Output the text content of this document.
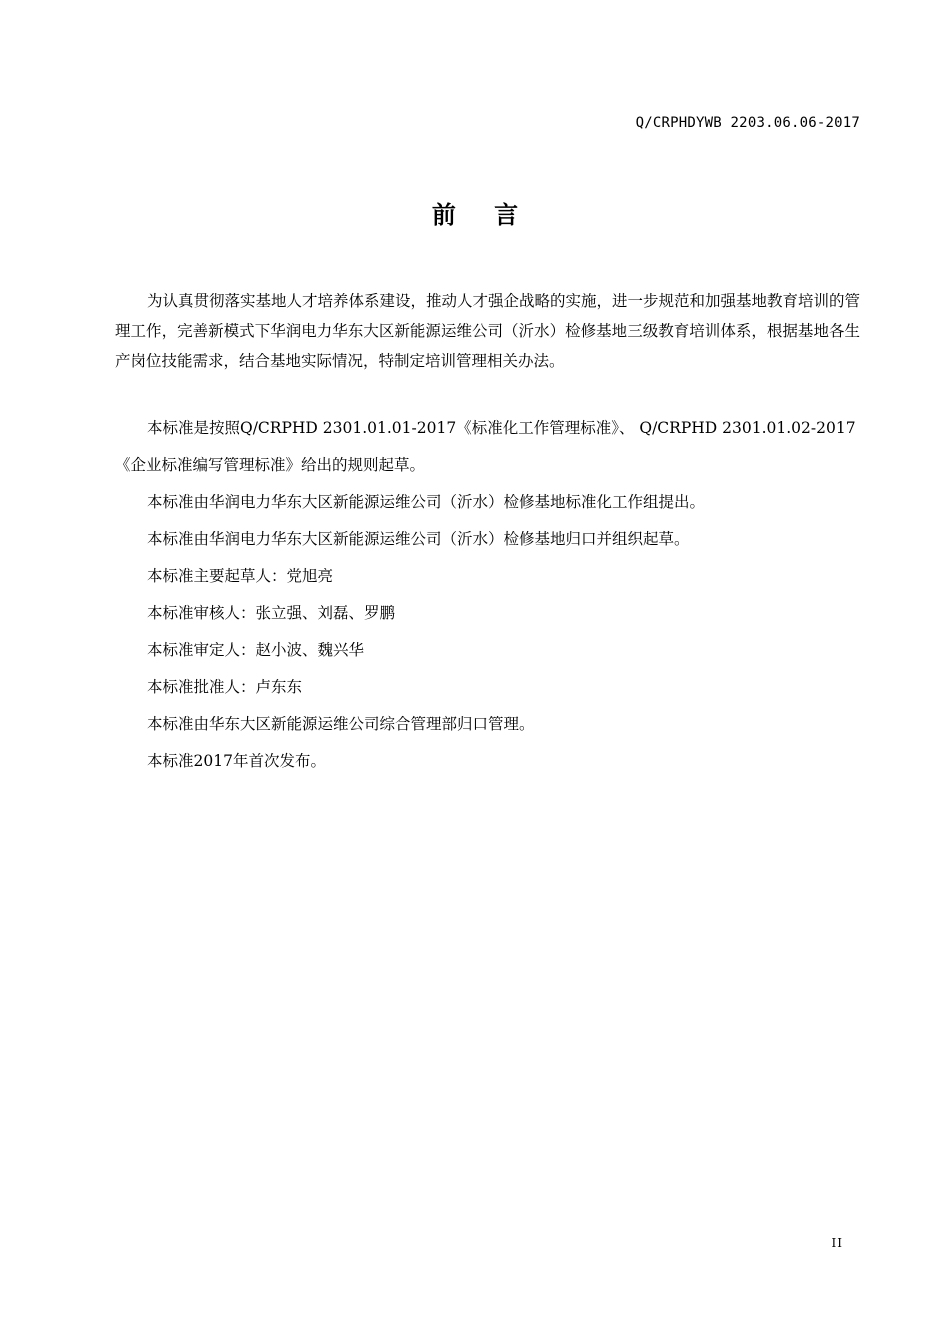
Q/CRPHDYWB 2203.06.06-2017
前 言

为认真贯彻落实基地人才培养体系建设，推动人才强企战略的实施，进一步规范和加强基地教育培训的管理工作，完善新模式下华润电力华东大区新能源运维公司（沂水）检修基地三级教育培训体系，根据基地各生产岗位技能需求，结合基地实际情况，特制定培训管理相关办法。

本标准是按照Q/CRPHD 2301.01.01-2017《标准化工作管理标准》、 Q/CRPHD 2301.01.02-2017《企业标准编写管理标准》给出的规则起草。
本标准由华润电力华东大区新能源运维公司（沂水）检修基地标准化工作组提出。
本标准由华润电力华东大区新能源运维公司（沂水）检修基地归口并组织起草。
本标准主要起草人：党旭亮
本标准审核人：张立强、刘磊、罗鹏
本标准审定人：赵小波、魏兴华
本标准批准人：卢东东
本标准由华东大区新能源运维公司综合管理部归口管理。
本标准2017年首次发布。
II
